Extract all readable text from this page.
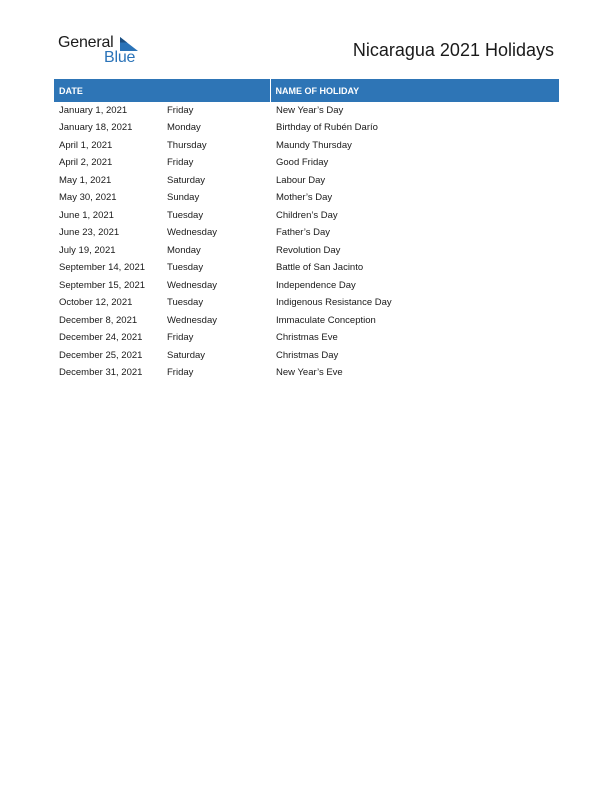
General
Blue	Nicaragua 2021 Holidays
DATE		NAME OF HOLIDAY
January 1, 2021	Friday	New Year’s Day
January 18, 2021	Monday	Birthday of Rubén Darío
April 1, 2021	Thursday	Maundy Thursday
April 2, 2021	Friday	Good Friday
May 1, 2021	Saturday	Labour Day
May 30, 2021	Sunday	Mother’s Day
June 1, 2021	Tuesday	Children’s Day
June 23, 2021	Wednesday	Father’s Day
July 19, 2021	Monday	Revolution Day
September 14, 2021	Tuesday	Battle of San Jacinto
September 15, 2021	Wednesday	Independence Day
October 12, 2021	Tuesday	Indigenous Resistance Day
December 8, 2021	Wednesday	Immaculate Conception
December 24, 2021	Friday	Christmas Eve
December 25, 2021	Saturday	Christmas Day
December 31, 2021	Friday	New Year’s Eve
